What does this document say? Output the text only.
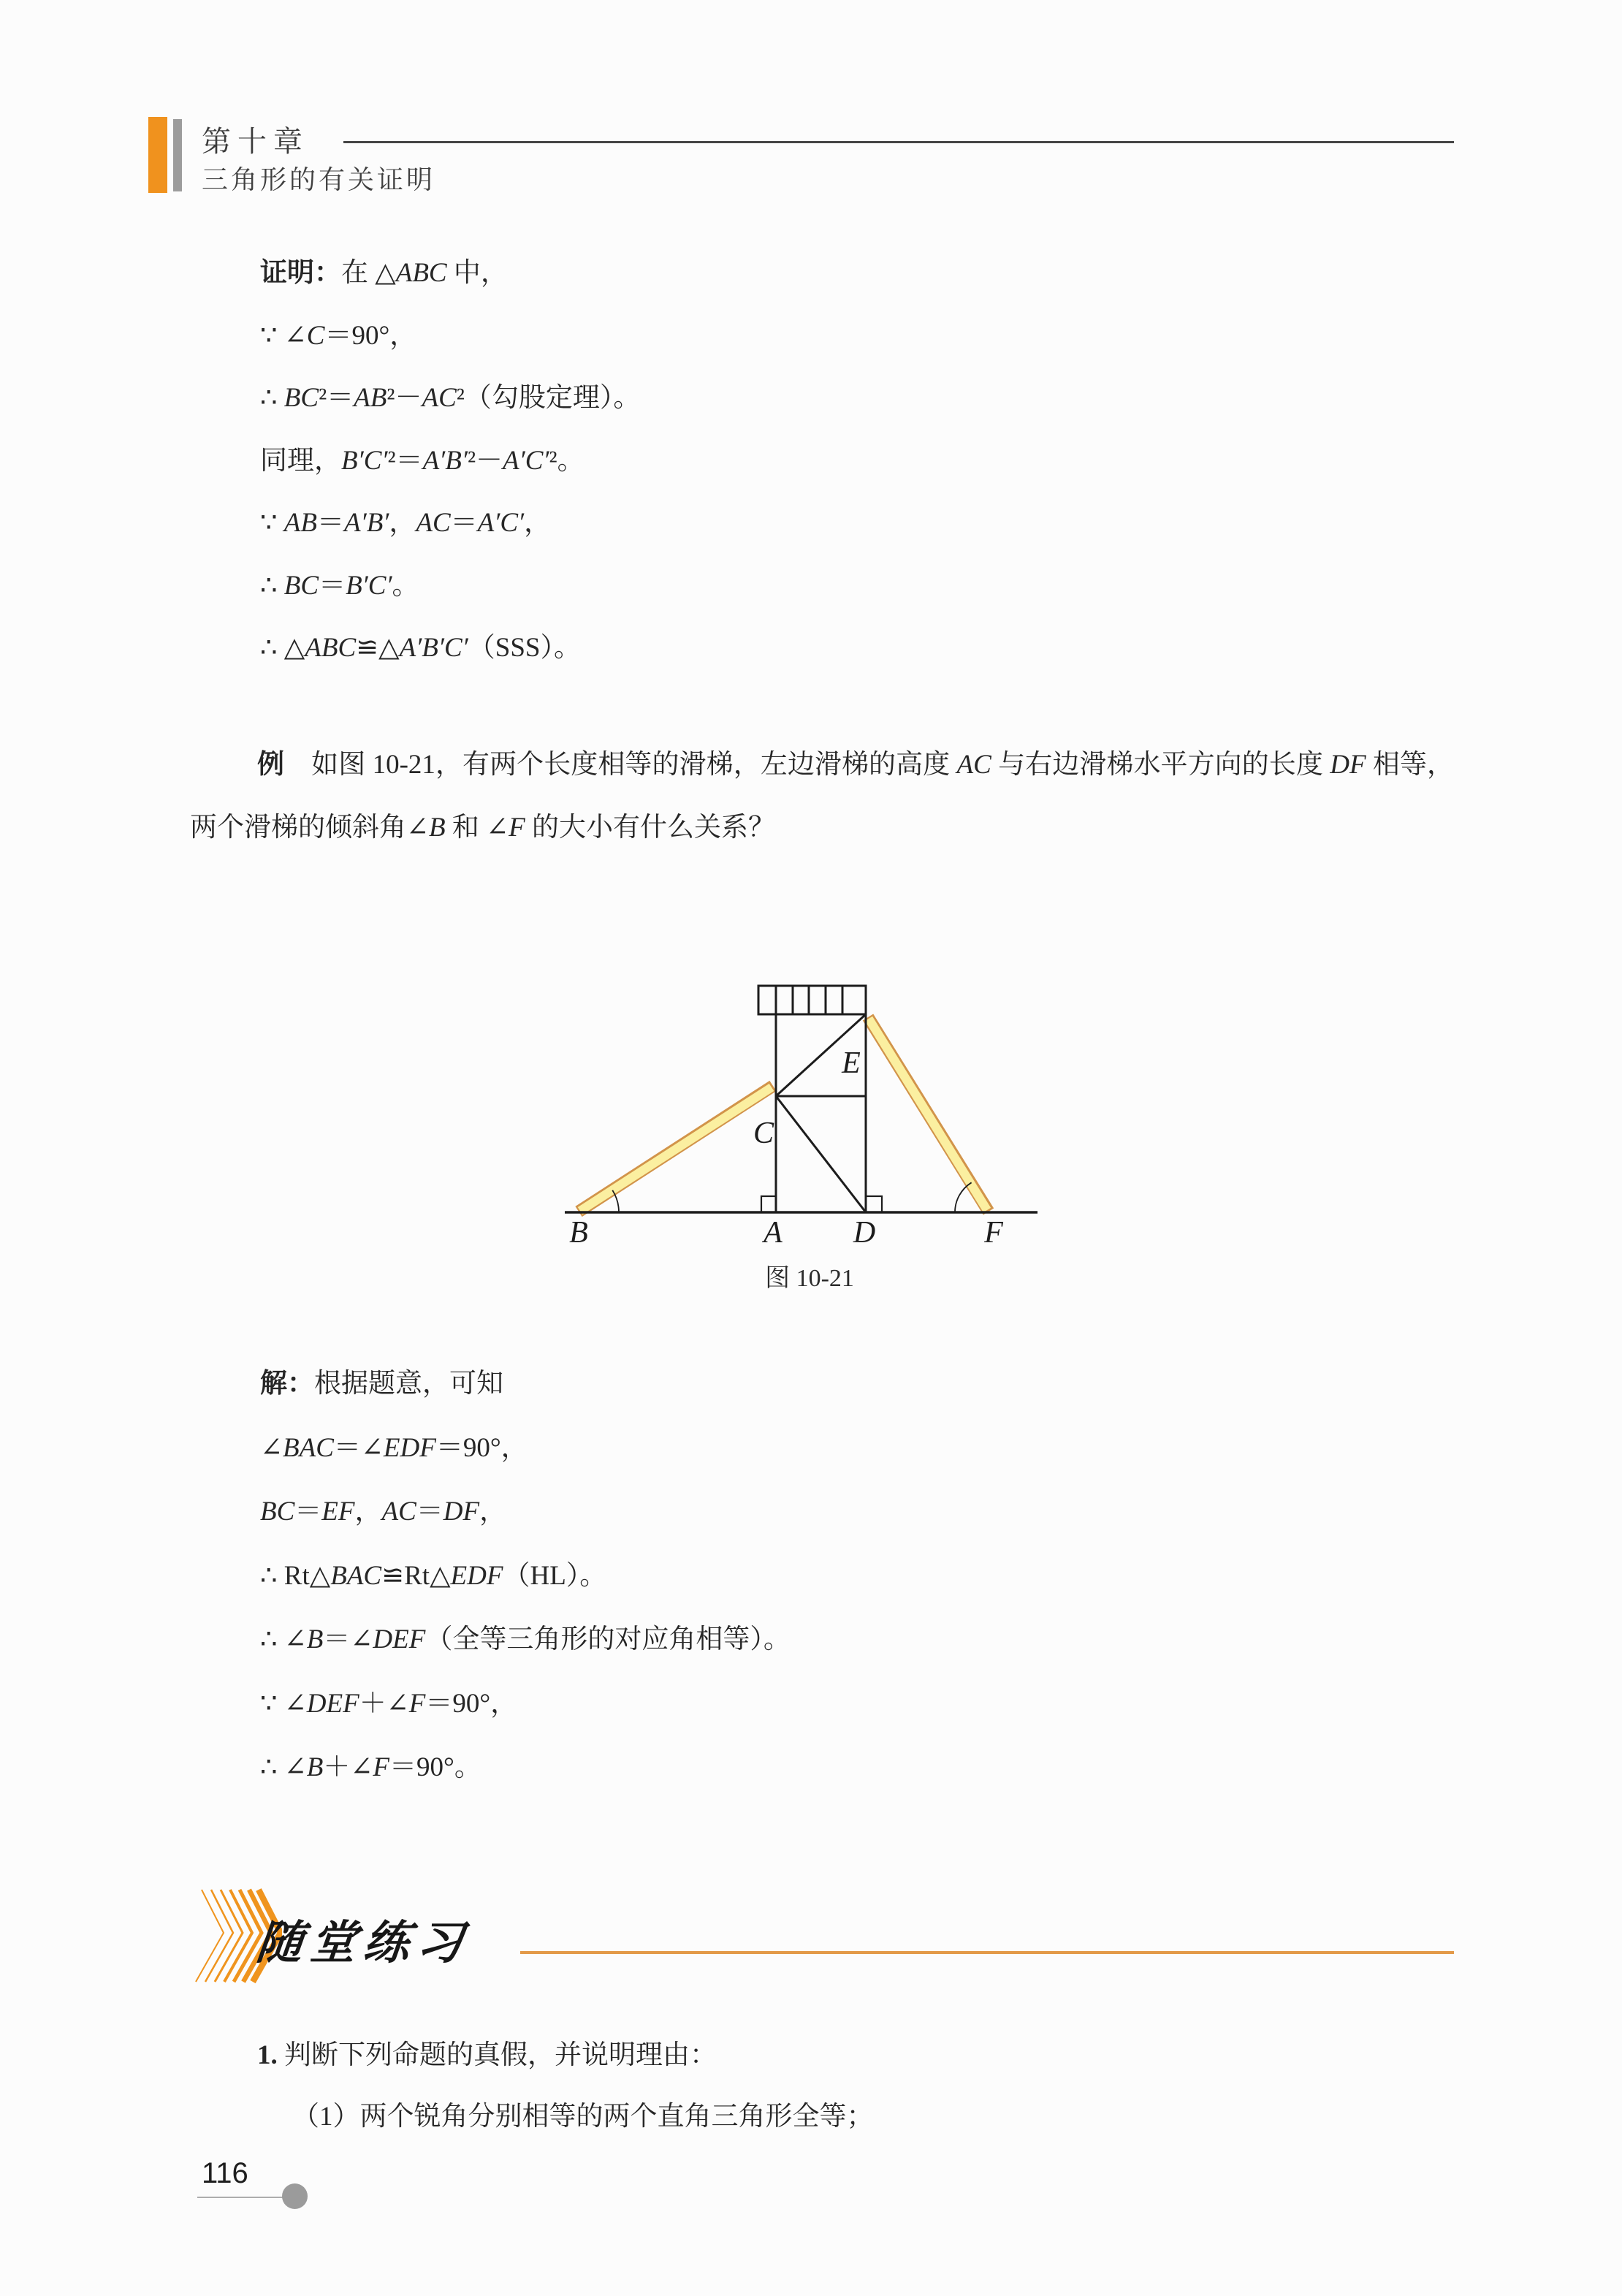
第十章
三角形的有关证明
证明：在 △ABC 中，
∵ ∠C＝90°，
∴ BC²＝AB²－AC²（勾股定理）。
同理，B′C′²＝A′B′²－A′C′²。
∵ AB＝A′B′，AC＝A′C′，
∴ BC＝B′C′。
∴ △ABC≌△A′B′C′（SSS）。
例　如图 10-21，有两个长度相等的滑梯，左边滑梯的高度 AC 与右边滑梯水平方向的长度 DF 相等，两个滑梯的倾斜角∠B 和 ∠F 的大小有什么关系？
B	A D	F
C
E
图 10-21
解：根据题意，可知
∠BAC＝∠EDF＝90°，
BC＝EF，AC＝DF，
∴ Rt△BAC≌Rt△EDF（HL）。
∴ ∠B＝∠DEF（全等三角形的对应角相等）。
∵ ∠DEF＋∠F＝90°，
∴ ∠B＋∠F＝90°。
随堂练习
1. 判断下列命题的真假，并说明理由：
（1）两个锐角分别相等的两个直角三角形全等；
116
